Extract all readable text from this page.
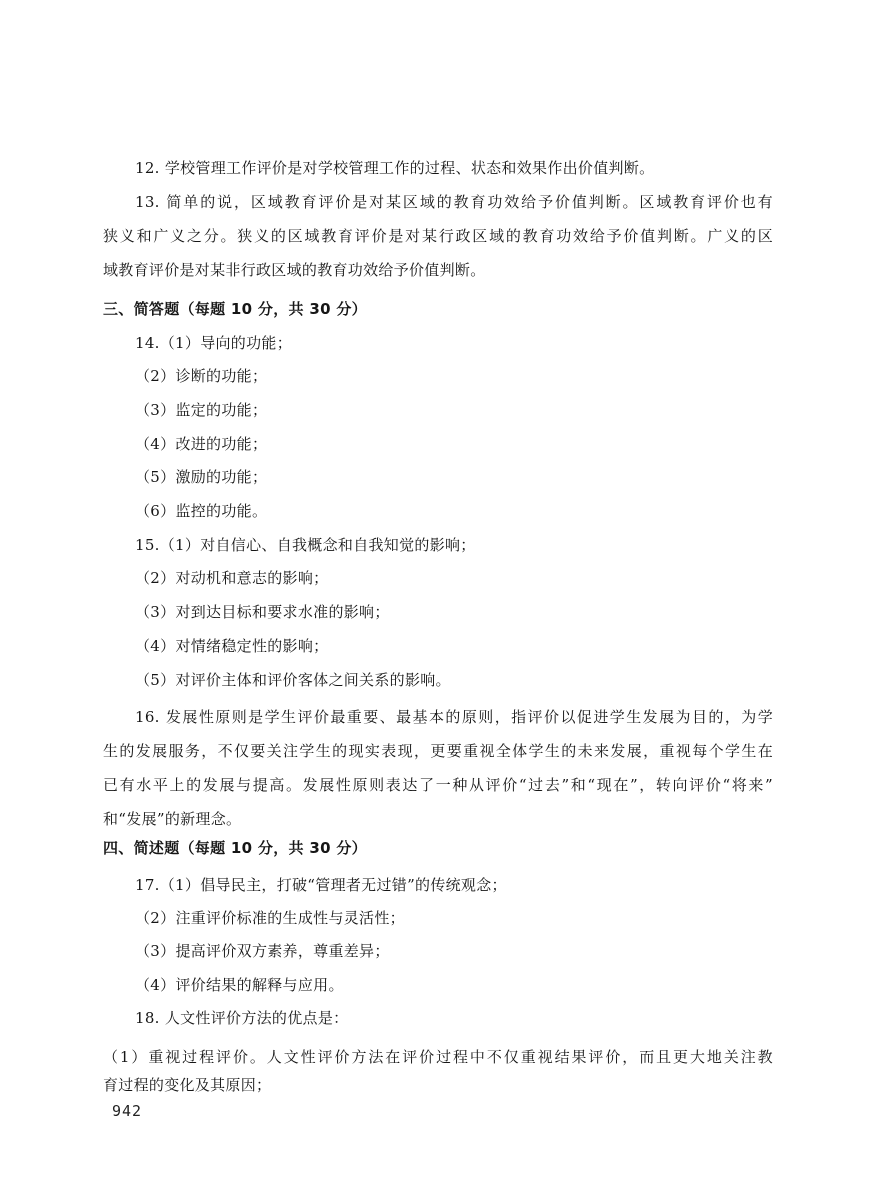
12. 学校管理工作评价是对学校管理工作的过程、状态和效果作出价值判断。
13. 简单的说，区域教育评价是对某区域的教育功效给予价值判断。区域教育评价也有
狭义和广义之分。狭义的区域教育评价是对某行政区域的教育功效给予价值判断。广义的区
域教育评价是对某非行政区域的教育功效给予价值判断。
三、简答题（每题 10 分，共 30 分）
14.（1）导向的功能；
（2）诊断的功能；
（3）监定的功能；
（4）改进的功能；
（5）激励的功能；
（6）监控的功能。
15.（1）对自信心、自我概念和自我知觉的影响；
（2）对动机和意志的影响；
（3）对到达目标和要求水准的影响；
（4）对情绪稳定性的影响；
（5）对评价主体和评价客体之间关系的影响。
16. 发展性原则是学生评价最重要、最基本的原则，指评价以促进学生发展为目的，为学
生的发展服务，不仅要关注学生的现实表现，更要重视全体学生的未来发展，重视每个学生在
已有水平上的发展与提高。发展性原则表达了一种从评价“过去”和“现在”，转向评价“将来”
和“发展”的新理念。
四、简述题（每题 10 分，共 30 分）
17.（1）倡导民主，打破“管理者无过错”的传统观念；
（2）注重评价标准的生成性与灵活性；
（3）提高评价双方素养，尊重差异；
（4）评价结果的解释与应用。
18. 人文性评价方法的优点是：
（1）重视过程评价。人文性评价方法在评价过程中不仅重视结果评价，而且更大地关注教
育过程的变化及其原因；
942
